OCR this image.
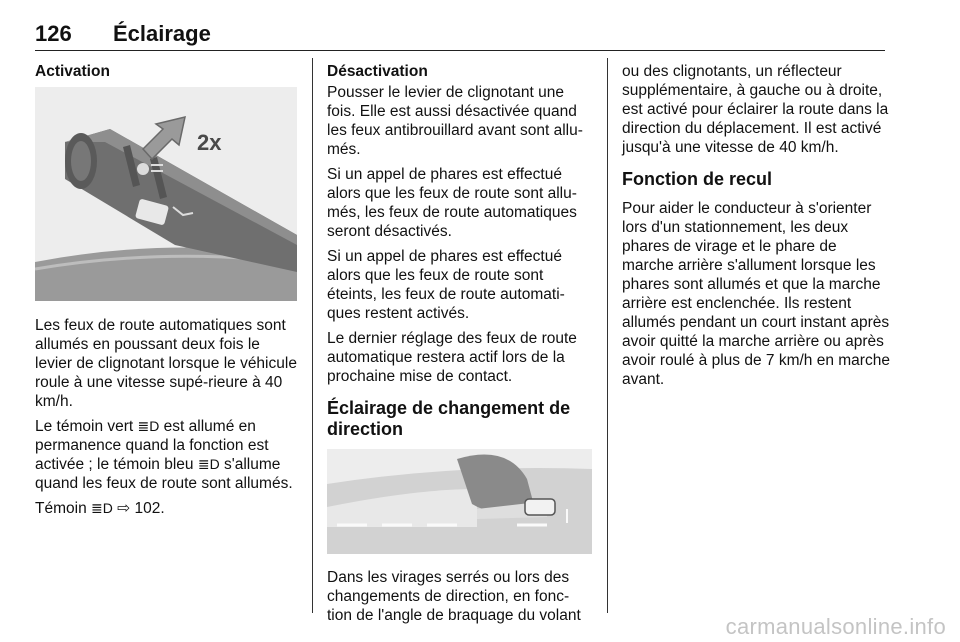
126 Éclairage
Activation
2x

Les feux de route automatiques sont allumés en poussant deux fois le levier de clignotant lorsque le véhicule roule à une vitesse supé-rieure à 40 km/h.

Le témoin vert ≣D est allumé en permanence quand la fonction est activée ; le témoin bleu ≣D s'allume quand les feux de route sont allumés.

Témoin ≣D ⇨ 102.

Désactivation

Pousser le levier de clignotant une fois. Elle est aussi désactivée quand les feux antibrouillard avant sont allu-més.

Si un appel de phares est effectué alors que les feux de route sont allu-més, les feux de route automatiques seront désactivés.

Si un appel de phares est effectué alors que les feux de route sont éteints, les feux de route automati-ques restent activés.

Le dernier réglage des feux de route automatique restera actif lors de la prochaine mise de contact.

Éclairage de changement de direction

Dans les virages serrés ou lors des changements de direction, en fonc-tion de l'angle de braquage du volant

ou des clignotants, un réflecteur supplémentaire, à gauche ou à droite, est activé pour éclairer la route dans la direction du déplacement. Il est activé jusqu'à une vitesse de 40 km/h.

Fonction de recul

Pour aider le conducteur à s'orienter lors d'un stationnement, les deux phares de virage et le phare de marche arrière s'allument lorsque les phares sont allumés et que la marche arrière est enclenchée. Ils restent allumés pendant un court instant après avoir quitté la marche arrière ou après avoir roulé à plus de 7 km/h en marche avant.

carmanualsonline.info
